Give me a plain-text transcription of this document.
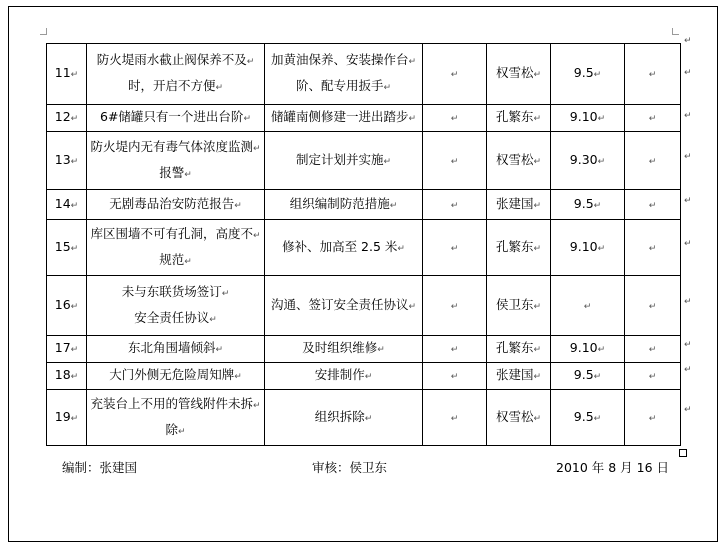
11↵	防火堤雨水截止阀保养不及↵
时，开启不方便↵	加黄油保养、安装操作台↵
阶、配专用扳手↵	↵	权雪松↵	9.5↵	↵
12↵	6#储罐只有一个进出台阶↵	储罐南侧修建一进出踏步↵	↵	孔繁东↵	9.10↵	↵
13↵	防火堤内无有毒气体浓度监测↵
报警↵	制定计划并实施↵	↵	权雪松↵	9.30↵	↵
14↵	无剧毒品治安防范报告↵	组织编制防范措施↵	↵	张建国↵	9.5↵	↵
15↵	库区围墙不可有孔洞，高度不↵
规范↵	修补、加高至 2.5 米↵	↵	孔繁东↵	9.10↵	↵
16↵	未与东联货场签订↵
安全责任协议↵	沟通、签订安全责任协议↵	↵	侯卫东↵	↵	↵
17↵	东北角围墙倾斜↵	及时组织维修↵	↵	孔繁东↵	9.10↵	↵
18↵	大门外侧无危险周知牌↵	安排制作↵	↵	张建国↵	9.5↵	↵
19↵	充装台上不用的管线附件未拆↵
除↵	组织拆除↵	↵	权雪松↵	9.5↵	↵
编制：张建国	审核：侯卫东	2010 年 8 月 16 日
↵
↵
↵
↵
↵
↵
↵
↵
↵
↵
